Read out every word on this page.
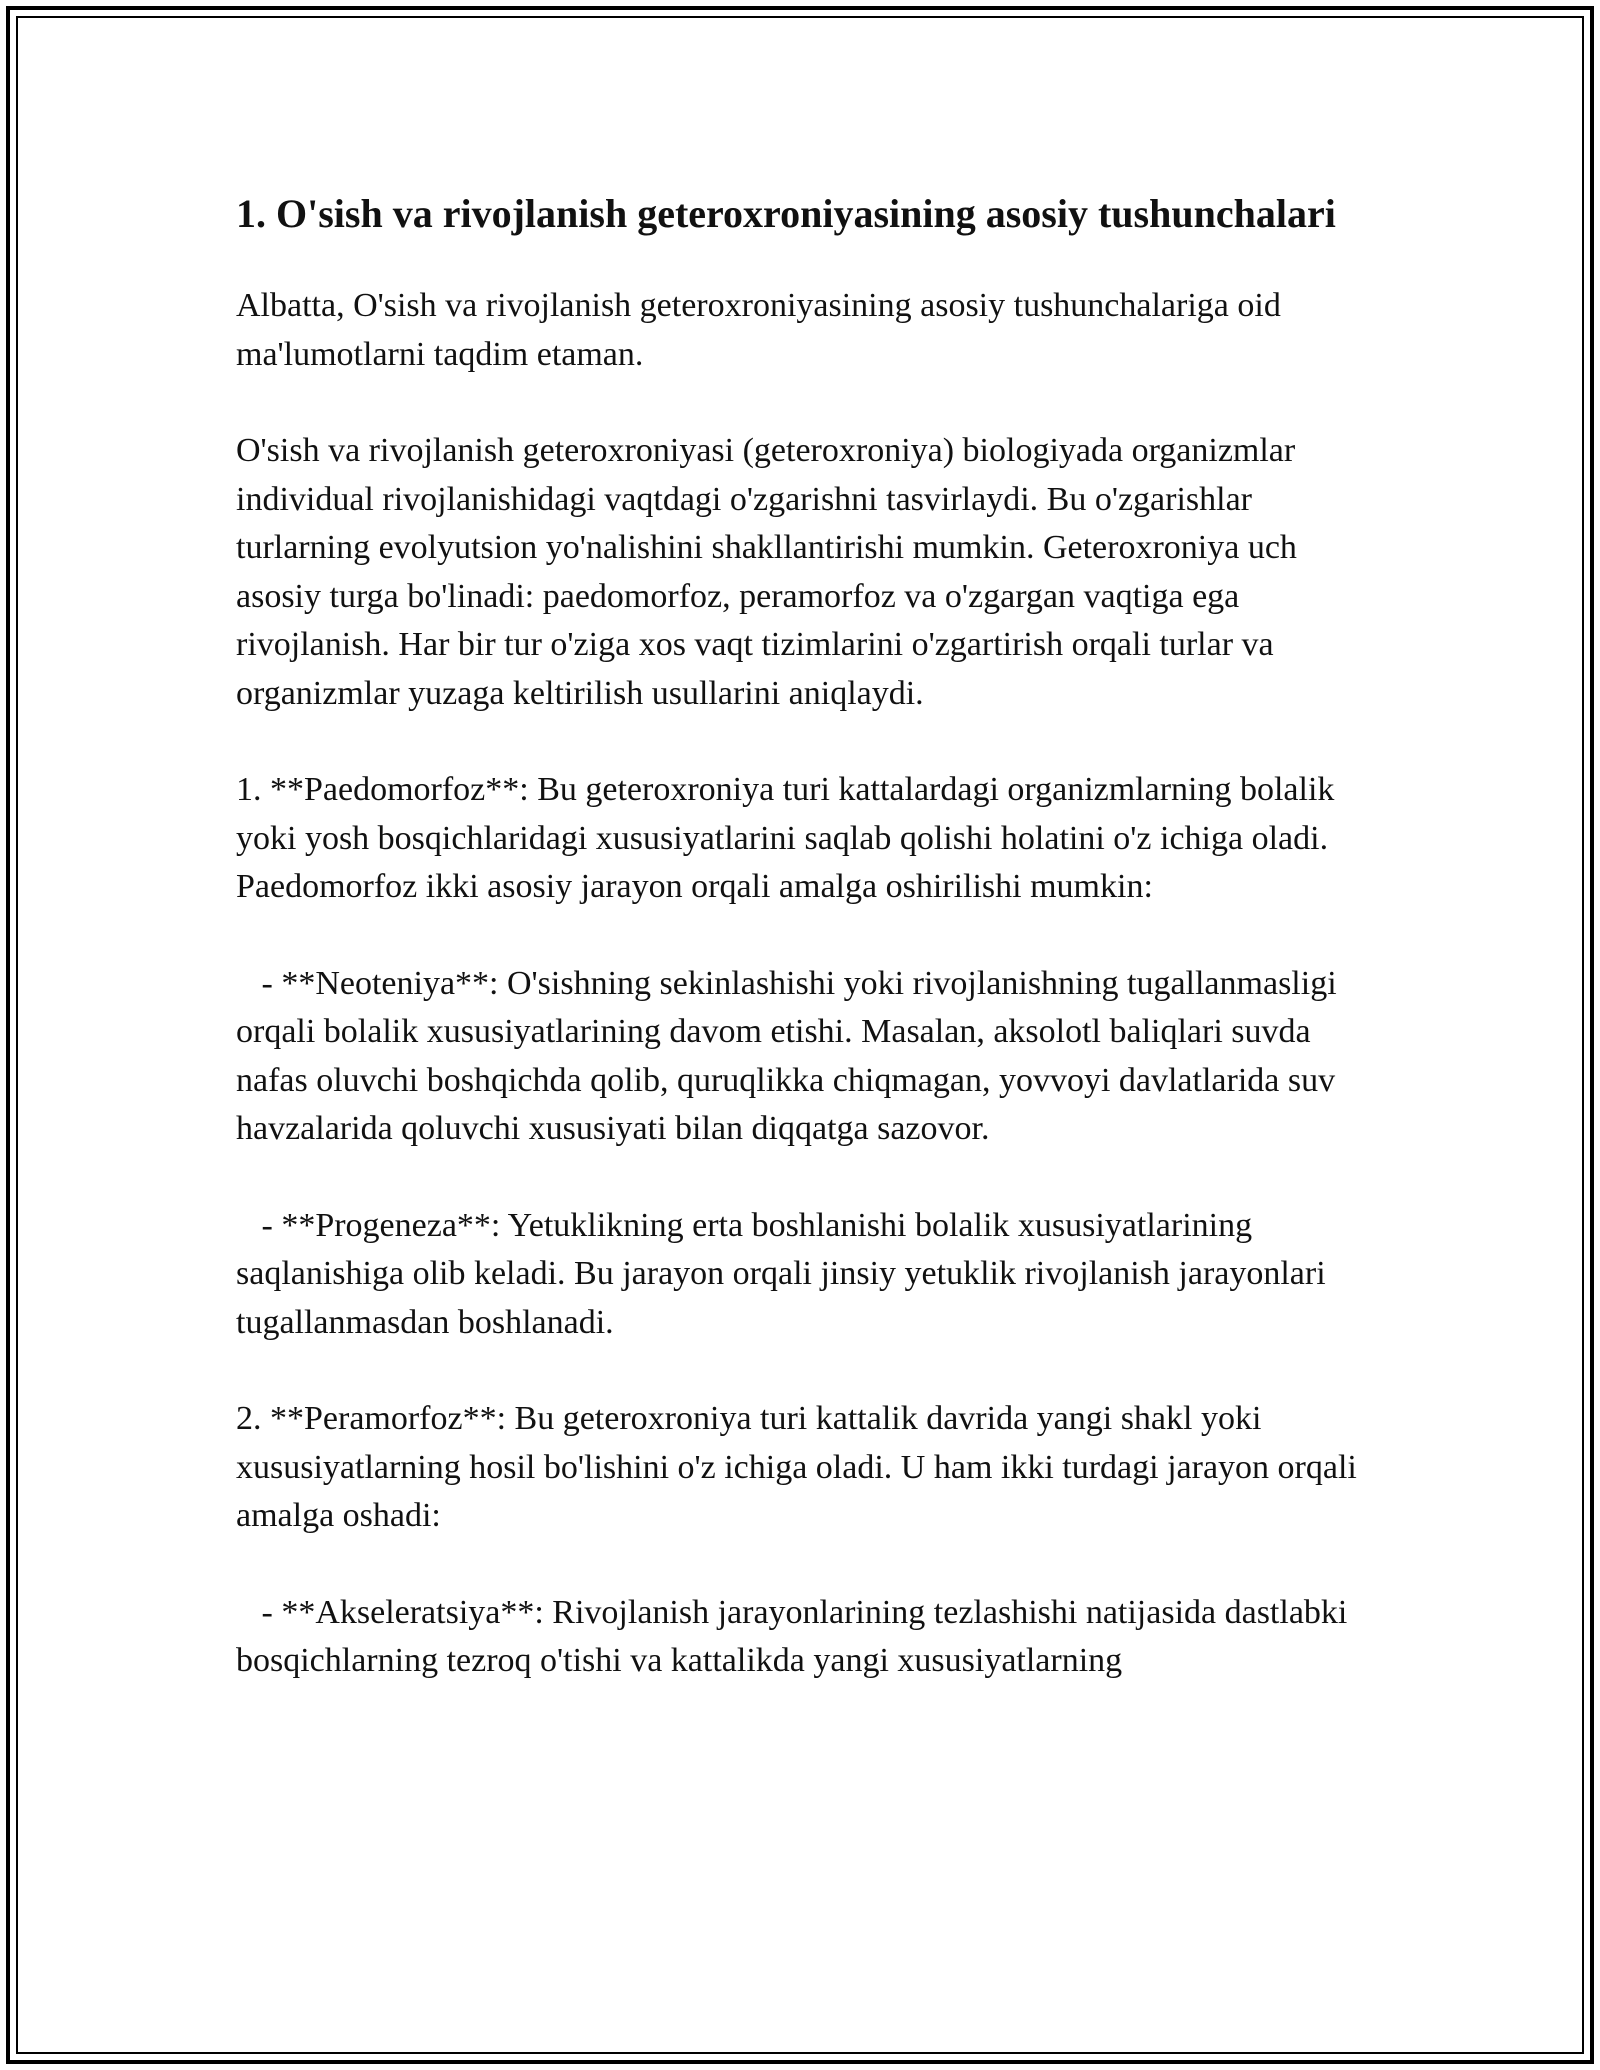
1. O'sish va rivojlanish geteroxroniyasining asosiy tushunchalari

Albatta, O'sish va rivojlanish geteroxroniyasining asosiy tushunchalariga oid ma'lumotlarni taqdim etaman.

O'sish va rivojlanish geteroxroniyasi (geteroxroniya) biologiyada organizmlar individual rivojlanishidagi vaqtdagi o'zgarishni tasvirlaydi. Bu o'zgarishlar turlarning evolyutsion yo'nalishini shakllantirishi mumkin. Geteroxroniya uch asosiy turga bo'linadi: paedomorfoz, peramorfoz va o'zgargan vaqtiga ega rivojlanish. Har bir tur o'ziga xos vaqt tizimlarini o'zgartirish orqali turlar va organizmlar yuzaga keltirilish usullarini aniqlaydi.

1. **Paedomorfoz**: Bu geteroxroniya turi kattalardagi organizmlarning bolalik yoki yosh bosqichlaridagi xususiyatlarini saqlab qolishi holatini o'z ichiga oladi. Paedomorfoz ikki asosiy jarayon orqali amalga oshirilishi mumkin:

- **Neoteniya**: O'sishning sekinlashishi yoki rivojlanishning tugallanmasligi orqali bolalik xususiyatlarining davom etishi. Masalan, aksolotl baliqlari suvda nafas oluvchi boshqichda qolib, quruqlikka chiqmagan, yovvoyi davlatlarida suv havzalarida qoluvchi xususiyati bilan diqqatga sazovor.

- **Progeneza**: Yetuklikning erta boshlanishi bolalik xususiyatlarining saqlanishiga olib keladi. Bu jarayon orqali jinsiy yetuklik rivojlanish jarayonlari tugallanmasdan boshlanadi.

2. **Peramorfoz**: Bu geteroxroniya turi kattalik davrida yangi shakl yoki xususiyatlarning hosil bo'lishini o'z ichiga oladi. U ham ikki turdagi jarayon orqali amalga oshadi:

- **Akseleratsiya**: Rivojlanish jarayonlarining tezlashishi natijasida dastlabki bosqichlarning tezroq o'tishi va kattalikda yangi xususiyatlarning
